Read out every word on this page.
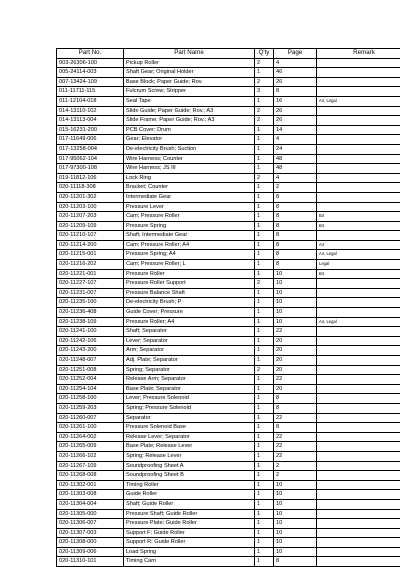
Part No.	Part Name	Q'ty	Page	Remark
003-26306-100	Pickup Roller	2	4	
005-24114-003	Shaft Gear; Original Holder	1	46	
007-13424-109	Base Block; Paper Guide; Rov.	2	26	
011-11711-115	Fulcrum Screw; Stripper	3	8	
011-12104-018	Seal Tape	1	16	A4, Legal
014-13110-102	Slide Guide; Paper Guide; Rov.; A3	2	26	
014-13113-004	Slide Frame; Paper Guide; Rov.; A3	2	26	
015-16231-200	PCB Cover; Drum	1	14	
017-11649-006	Gear; Elevator	1	4	
017-13258-004	De-electricity Brush; Suction	1	24	
017-95062-104	Wire Harness; Counter	1	48	
017-97300-108	Wire Harness; JS III	1	48	
019-11812-106	Lock Ring	2	4	
020-11118-308	Bracket; Counter	1	2	
020-11201-302	Intermediate Gear	1	8	
020-11203-100	Pressure Lever	1	8	
020-11207-203	Cam; Pressure Roller	1	8	B4
020-11209-109	Pressure Spring	1	8	B4
020-11210-107	Shaft; Intermediate Gear	1	8	
020-11214-200	Cam; Pressure Roller; A4	1	8	A4
020-11215-001	Pressure Spring; A4	1	8	A4, Legal
020-11216-202	Cam; Pressure Roller; L	1	8	Legal
020-11221-001	Pressure Roller	1	10	B4
020-11227-107	Pressure Roller Support	2	10	
020-11231-007	Pressure Balance Shaft	1	10	
020-11235-100	De-electricity Brush; P	1	10	
020-11236-408	Guide Cover; Pressure	1	10	
020-11238-109	Pressure Roller; A4	1	10	A4, Legal
020-11241-100	Shaft; Separator	1	22	
020-11242-106	Lever; Separator	1	20	
020-11243-200	Arm; Separator	1	20	
020-11248-007	Adj. Plate; Separator	1	20	
020-11251-008	Spring; Separator	2	20	
020-11252-004	Release Arm; Separator	1	22	
020-11254-104	Base Plate; Separator	1	20	
020-11258-100	Lever; Pressure Solenoid	1	8	
020-11259-203	Spring; Pressure Solenoid	1	8	
020-11260-007	Separator	1	22	
020-11261-100	Pressure Solenoid Base	1	8	
020-11264-002	Release Lever; Separator	1	22	
020-11265-009	Base Plate; Release Lever	1	22	
020-11266-102	Spring; Release Lever	1	22	
020-11267-109	Soundproofing Sheet A	1	2	
020-11268-008	Soundproofing Sheet B	1	2	
020-11302-001	Timing Roller	1	10	
020-11303-008	Guide Roller	1	10	
020-11304-004	Shaft; Guide Roller	1	10	
020-11305-000	Pressure Shaft; Guide Roller	1	10	
020-11306-007	Pressure Plate; Guide Roller	1	10	
020-11307-003	Support F; Guide Roller	1	10	
020-11308-000	Support R; Guide Roller	1	10	
020-11309-006	Load Spring	1	10	
020-11310-101	Timing Cam	1	8	
